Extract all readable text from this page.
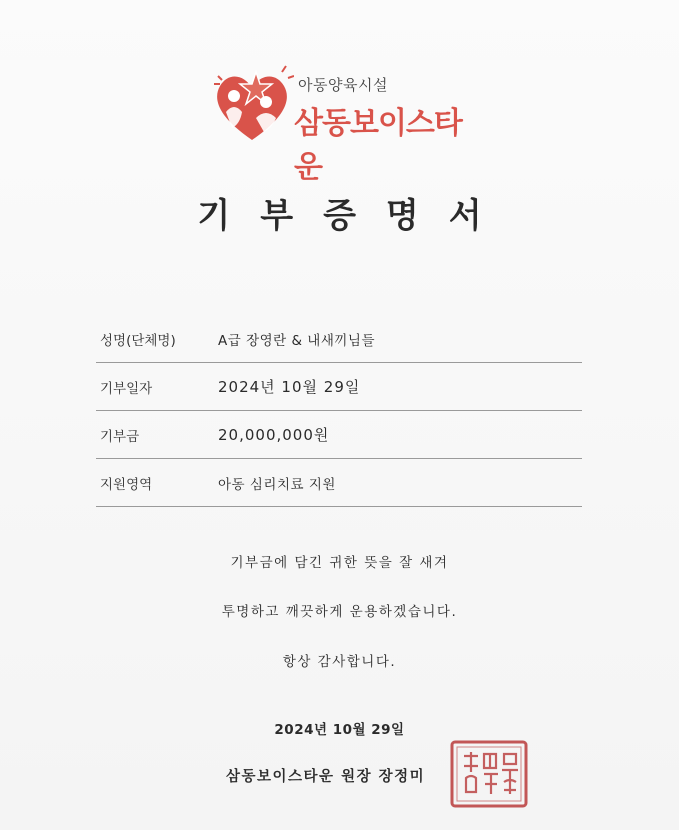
아동양육시설
삼동보이스타운
기부증명서
성명(단체명)	A급 장영란 & 내새끼님들
기부일자	2024년 10월 29일
기부금	20,000,000원
지원영역	아동 심리치료 지원
기부금에 담긴 귀한 뜻을 잘 새겨
투명하고 깨끗하게 운용하겠습니다.
항상 감사합니다.
2024년 10월 29일
삼동보이스타운 원장 장정미
